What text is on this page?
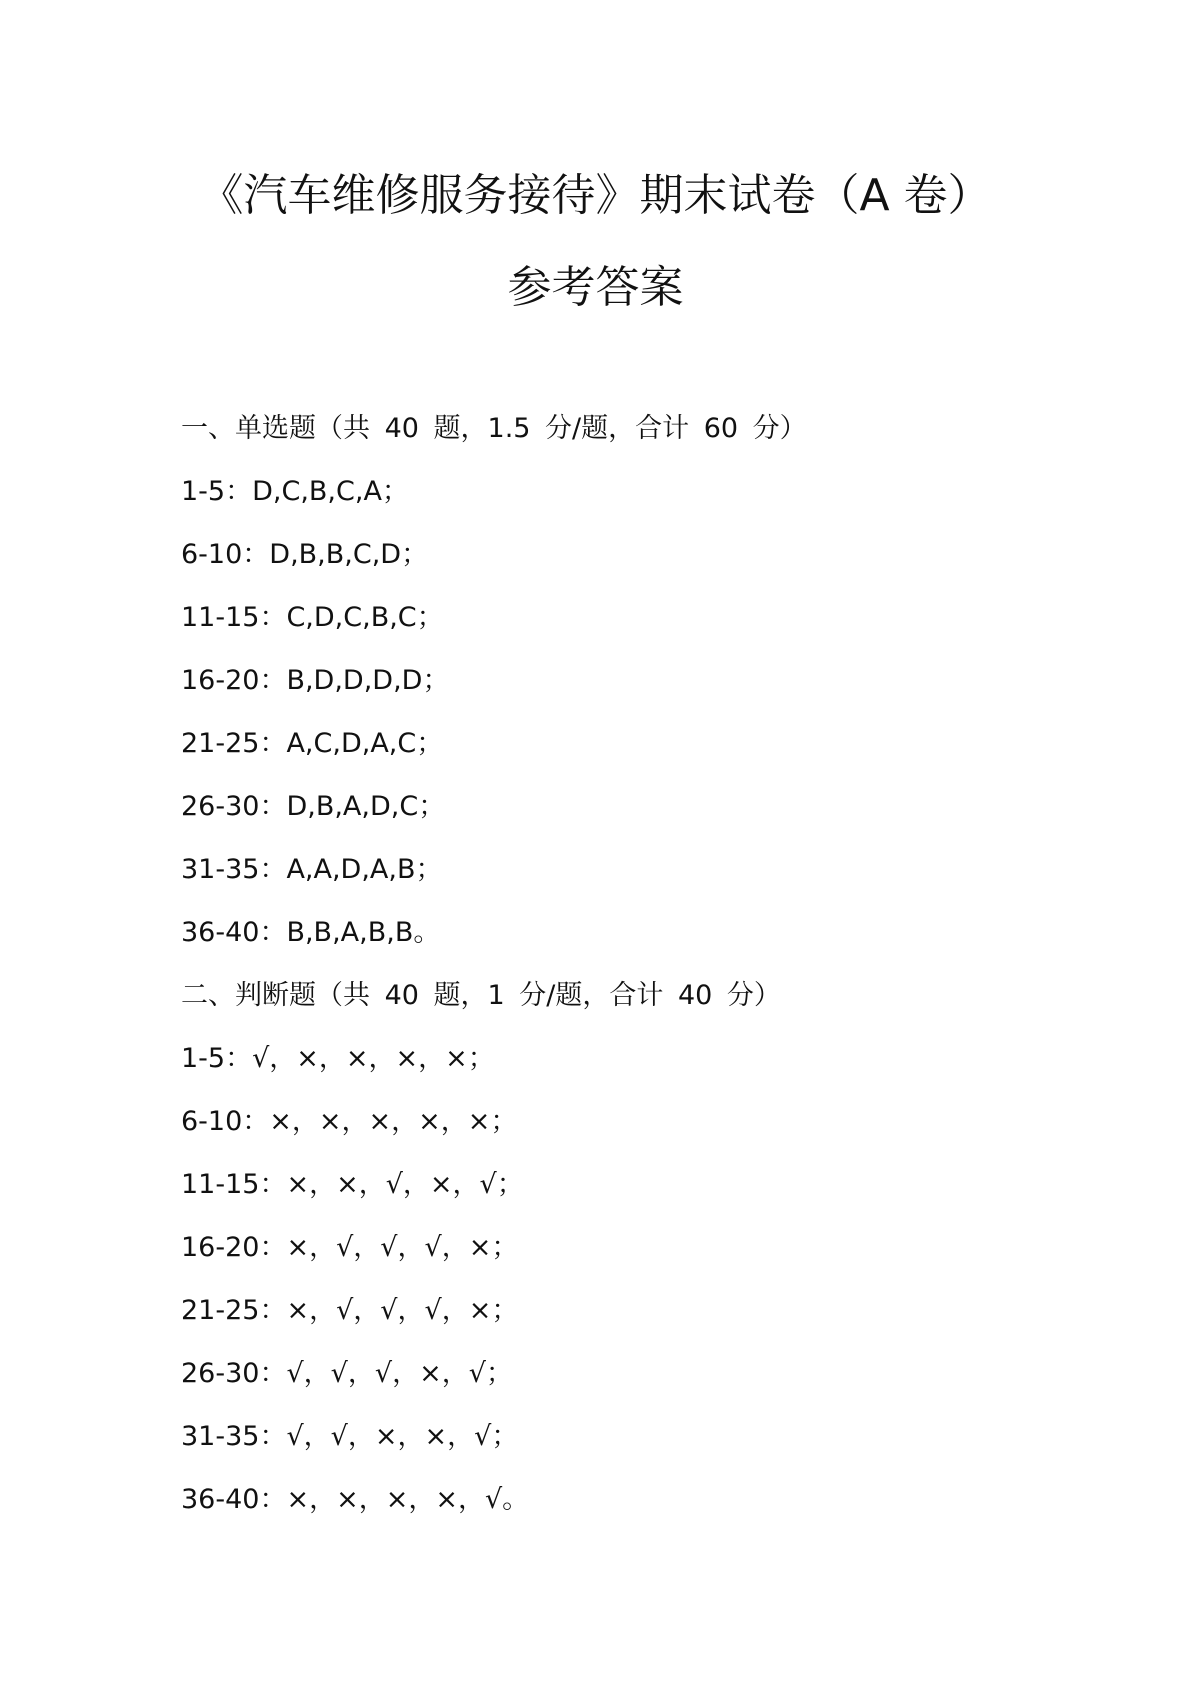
《汽车维修服务接待》期末试卷（A 卷）
参考答案
一、单选题（共 40 题，1.5 分/题，合计 60 分）
1-5：D,C,B,C,A；
6-10：D,B,B,C,D；
11-15：C,D,C,B,C；
16-20：B,D,D,D,D；
21-25：A,C,D,A,C；
26-30：D,B,A,D,C；
31-35：A,A,D,A,B；
36-40：B,B,A,B,B。
二、判断题（共 40 题，1 分/题，合计 40 分）
1-5：√，×，×，×，×；
6-10：×，×，×，×，×；
11-15：×，×，√，×，√；
16-20：×，√，√，√，×；
21-25：×，√，√，√，×；
26-30：√，√，√，×，√；
31-35：√，√，×，×，√；
36-40：×，×，×，×，√。
